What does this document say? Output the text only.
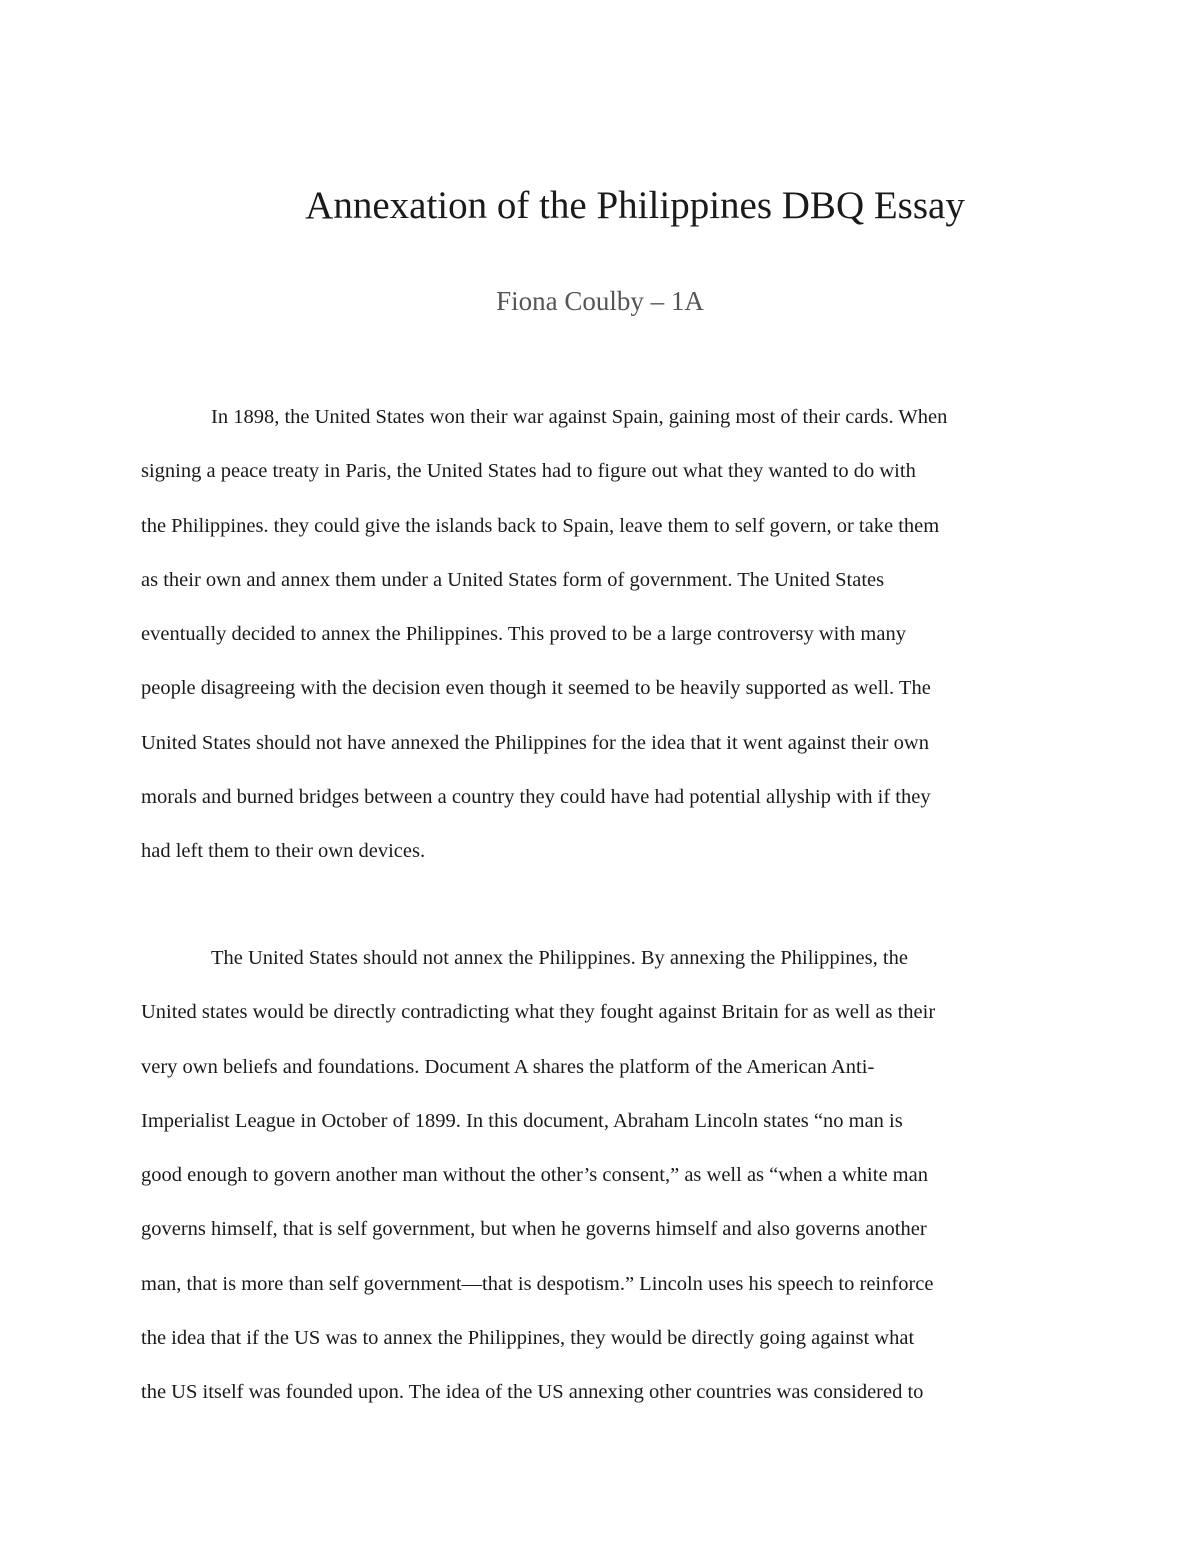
Annexation of the Philippines DBQ Essay
Fiona Coulby – 1A
In 1898, the United States won their war against Spain, gaining most of their cards. When
signing a peace treaty in Paris, the United States had to figure out what they wanted to do with
the Philippines. they could give the islands back to Spain, leave them to self govern, or take them
as their own and annex them under a United States form of government. The United States
eventually decided to annex the Philippines. This proved to be a large controversy with many
people disagreeing with the decision even though it seemed to be heavily supported as well. The
United States should not have annexed the Philippines for the idea that it went against their own
morals and burned bridges between a country they could have had potential allyship with if they
had left them to their own devices.
The United States should not annex the Philippines. By annexing the Philippines, the
United states would be directly contradicting what they fought against Britain for as well as their
very own beliefs and foundations. Document A shares the platform of the American Anti-
Imperialist League in October of 1899. In this document, Abraham Lincoln states “no man is
good enough to govern another man without the other’s consent,” as well as “when a white man
governs himself, that is self government, but when he governs himself and also governs another
man, that is more than self government—that is despotism.” Lincoln uses his speech to reinforce
the idea that if the US was to annex the Philippines, they would be directly going against what
the US itself was founded upon. The idea of the US annexing other countries was considered to
